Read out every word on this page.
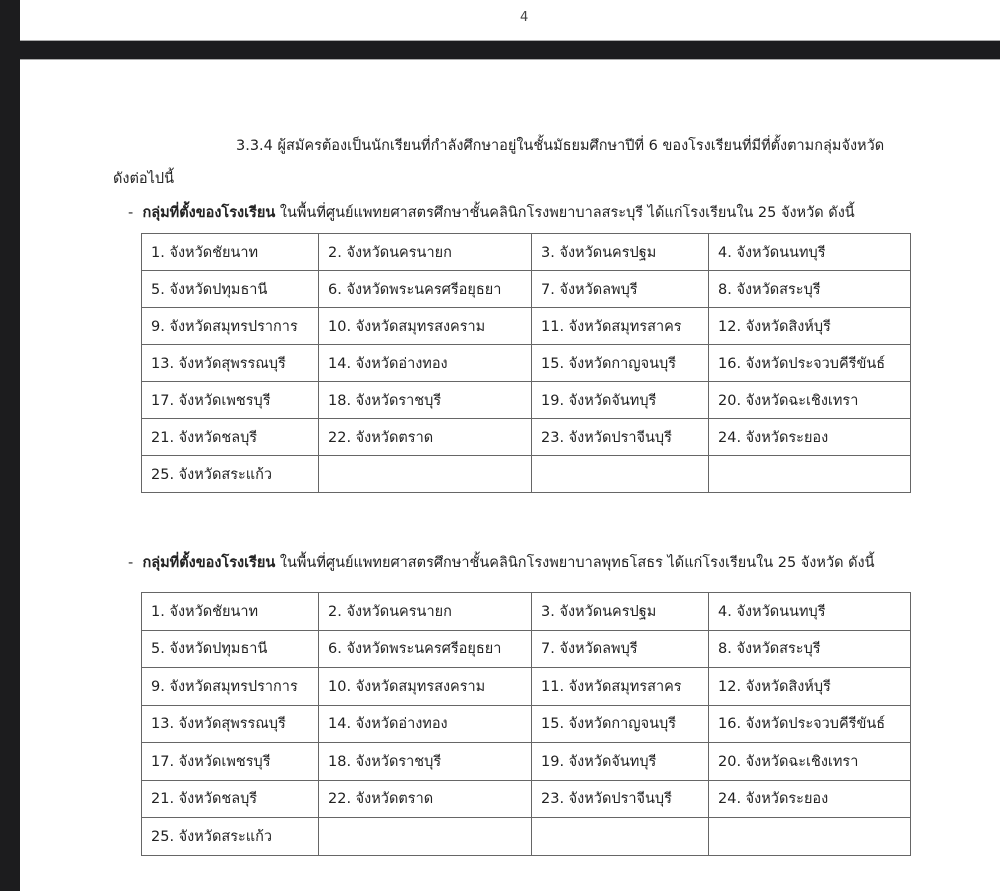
4
3.3.4 ผู้สมัครต้องเป็นนักเรียนที่กำลังศึกษาอยู่ในชั้นมัธยมศึกษาปีที่ 6 ของโรงเรียนที่มีที่ตั้งตามกลุ่มจังหวัด
ดังต่อไปนี้
- กลุ่มที่ตั้งของโรงเรียน ในพื้นที่ศูนย์แพทยศาสตรศึกษาชั้นคลินิกโรงพยาบาลสระบุรี ได้แก่โรงเรียนใน 25 จังหวัด ดังนี้
1. จังหวัดชัยนาท	2. จังหวัดนครนายก	3. จังหวัดนครปฐม	4. จังหวัดนนทบุรี
5. จังหวัดปทุมธานี	6. จังหวัดพระนครศรีอยุธยา	7. จังหวัดลพบุรี	8. จังหวัดสระบุรี
9. จังหวัดสมุทรปราการ	10. จังหวัดสมุทรสงคราม	11. จังหวัดสมุทรสาคร	12. จังหวัดสิงห์บุรี
13. จังหวัดสุพรรณบุรี	14. จังหวัดอ่างทอง	15. จังหวัดกาญจนบุรี	16. จังหวัดประจวบคีรีขันธ์
17. จังหวัดเพชรบุรี	18. จังหวัดราชบุรี	19. จังหวัดจันทบุรี	20. จังหวัดฉะเชิงเทรา
21. จังหวัดชลบุรี	22. จังหวัดตราด	23. จังหวัดปราจีนบุรี	24. จังหวัดระยอง
25. จังหวัดสระแก้ว			
- กลุ่มที่ตั้งของโรงเรียน ในพื้นที่ศูนย์แพทยศาสตรศึกษาชั้นคลินิกโรงพยาบาลพุทธโสธร ได้แก่โรงเรียนใน 25 จังหวัด ดังนี้
1. จังหวัดชัยนาท	2. จังหวัดนครนายก	3. จังหวัดนครปฐม	4. จังหวัดนนทบุรี
5. จังหวัดปทุมธานี	6. จังหวัดพระนครศรีอยุธยา	7. จังหวัดลพบุรี	8. จังหวัดสระบุรี
9. จังหวัดสมุทรปราการ	10. จังหวัดสมุทรสงคราม	11. จังหวัดสมุทรสาคร	12. จังหวัดสิงห์บุรี
13. จังหวัดสุพรรณบุรี	14. จังหวัดอ่างทอง	15. จังหวัดกาญจนบุรี	16. จังหวัดประจวบคีรีขันธ์
17. จังหวัดเพชรบุรี	18. จังหวัดราชบุรี	19. จังหวัดจันทบุรี	20. จังหวัดฉะเชิงเทรา
21. จังหวัดชลบุรี	22. จังหวัดตราด	23. จังหวัดปราจีนบุรี	24. จังหวัดระยอง
25. จังหวัดสระแก้ว			
